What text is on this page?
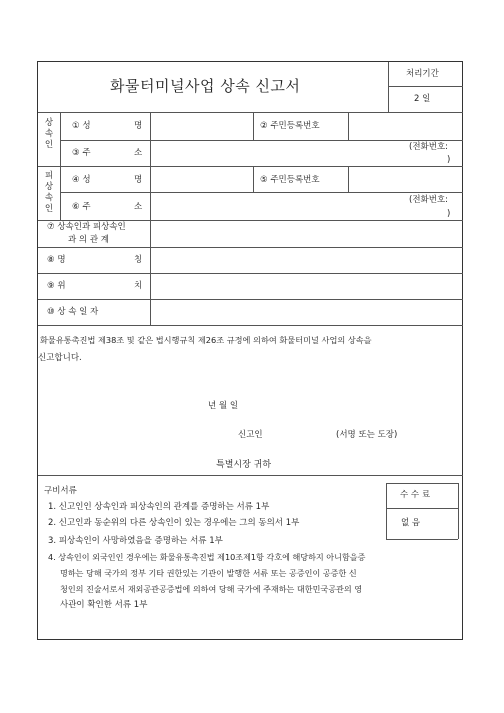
화물터미널사업 상속 신고서
처리기간
2 일
상속인
① 성	명	② 주민등록번호
③ 주	소
(전화번호:
)
피상속인
④ 성	명	⑤ 주민등록번호
⑥ 주	소
(전화번호:
)
⑦ 상속인과 피상속인
과 의 관 계
⑧ 명	칭
⑨ 위	치
⑩ 상 속 일 자
화물유통촉진법 제38조 및 같은 법시행규칙 제26조 규정에 의하여 화물터미널 사업의 상속을
신고합니다.
년 월 일
신고인	(서명 또는 도장)
특별시장 귀하
수 수 료
없 음
구비서류
1. 신고인인 상속인과 피상속인의 관계를 증명하는 서류 1부
2. 신고인과 동순위의 다른 상속인이 있는 경우에는 그의 동의서 1부
3. 피상속인이 사망하였음을 증명하는 서류 1부
4. 상속인이 외국인인 경우에는 화물유통촉진법 제10조제1항 각호에 해당하지 아니함을증
명하는 당해 국가의 정부 기타 권한있는 기관이 발행한 서류 또는 공증인이 공증한 신
청인의 진술서로서 재외공관공증법에 의하여 당해 국가에 주재하는 대한민국공관의 영
사관이 확인한 서류 1부
